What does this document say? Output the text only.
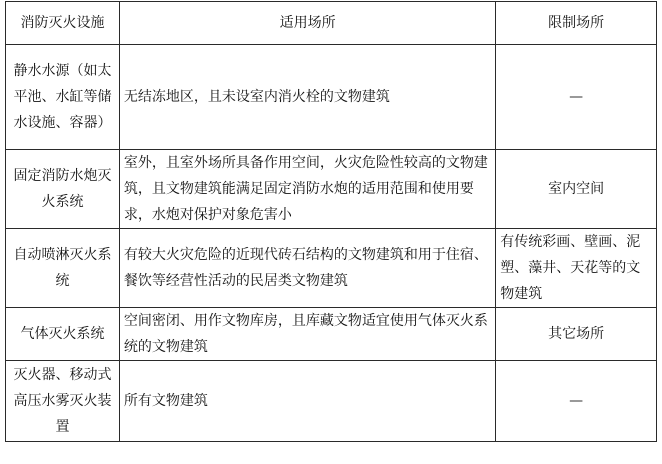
消防灭火设施	适用场所	限制场所
静水水源（如太平池、水缸等储水设施、容器）	无结冻地区，且未设室内消火栓的文物建筑	—
固定消防水炮灭火系统	室外，且室外场所具备作用空间，火灾危险性较高的文物建筑，且文物建筑能满足固定消防水炮的适用范围和使用要求，水炮对保护对象危害小	室内空间
自动喷淋灭火系统	有较大火灾危险的近现代砖石结构的文物建筑和用于住宿、餐饮等经营性活动的民居类文物建筑	有传统彩画、壁画、泥塑、藻井、天花等的文物建筑
气体灭火系统	空间密闭、用作文物库房，且库藏文物适宜使用气体灭火系统的文物建筑	其它场所
灭火器、移动式高压水雾灭火装置	所有文物建筑	—
